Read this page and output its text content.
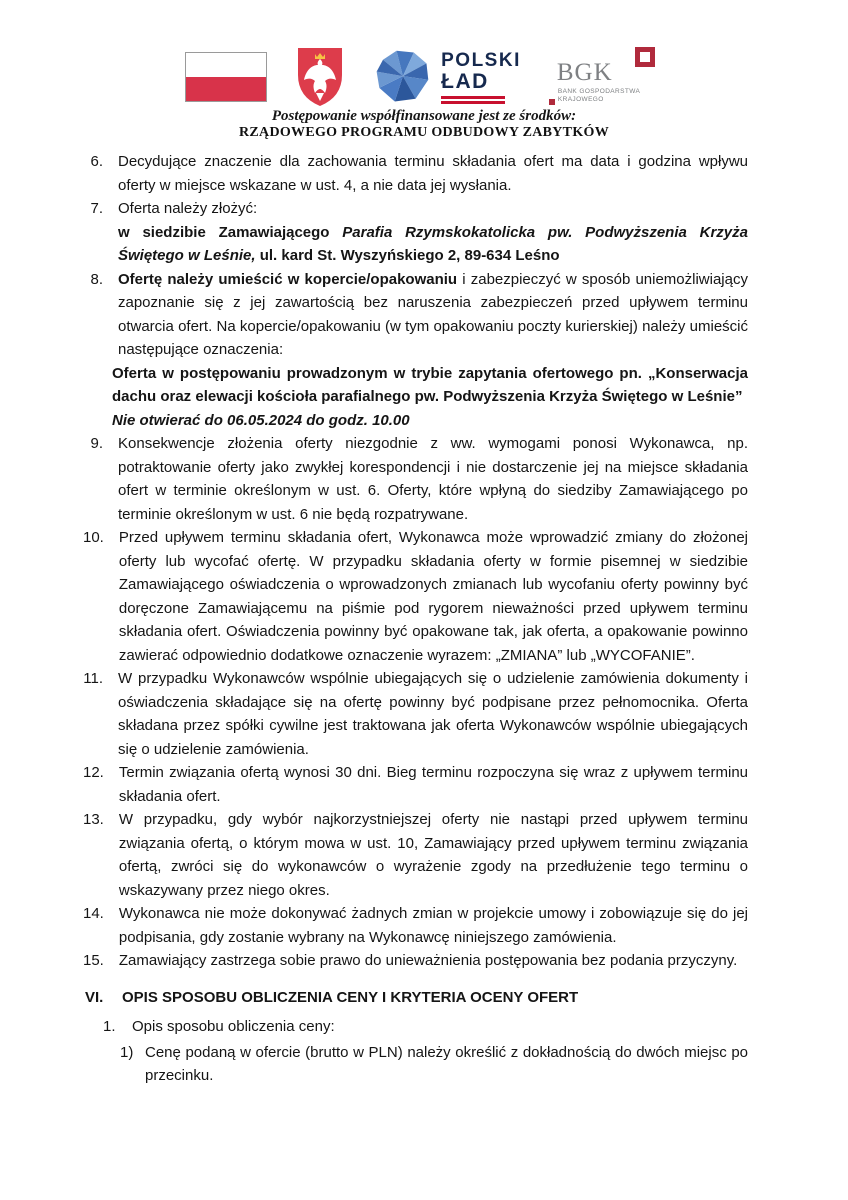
POLSKI
ŁAD	BGK
BANK GOSPODARSTWA
KRAJOWEGO
Postępowanie współfinansowane jest ze środków:
RZĄDOWEGO PROGRAMU ODBUDOWY ZABYTKÓW
6. Decydujące znaczenie dla zachowania terminu składania ofert ma data i godzina wpływu oferty w miejsce wskazane w ust. 4, a nie data jej wysłania.

7. Oferta należy złożyć:

w siedzibie Zamawiającego Parafia Rzymskokatolicka pw. Podwyższenia Krzyża Świętego w Leśnie, ul. kard St. Wyszyńskiego 2, 89-634 Leśno

8. Ofertę należy umieścić w kopercie/opakowaniu i zabezpieczyć w sposób uniemożliwiający zapoznanie się z jej zawartością bez naruszenia zabezpieczeń przed upływem terminu otwarcia ofert. Na kopercie/opakowaniu (w tym opakowaniu poczty kurierskiej) należy umieścić następujące oznaczenia:

Oferta w postępowaniu prowadzonym w trybie zapytania ofertowego pn. „Konserwacja dachu oraz elewacji kościoła parafialnego pw. Podwyższenia Krzyża Świętego w Leśnie”

Nie otwierać do 06.05.2024 do godz. 10.00

9. Konsekwencje złożenia oferty niezgodnie z ww. wymogami ponosi Wykonawca, np. potraktowanie oferty jako zwykłej korespondencji i nie dostarczenie jej na miejsce składania ofert w terminie określonym w ust. 6. Oferty, które wpłyną do siedziby Zamawiającego po terminie określonym w ust. 6 nie będą rozpatrywane.

10. Przed upływem terminu składania ofert, Wykonawca może wprowadzić zmiany do złożonej oferty lub wycofać ofertę. W przypadku składania oferty w formie pisemnej w siedzibie Zamawiającego oświadczenia o wprowadzonych zmianach lub wycofaniu oferty powinny być doręczone Zamawiającemu na piśmie pod rygorem nieważności przed upływem terminu składania ofert. Oświadczenia powinny być opakowane tak, jak oferta, a opakowanie powinno zawierać odpowiednio dodatkowe oznaczenie wyrazem: „ZMIANA” lub „WYCOFANIE”.

11. W przypadku Wykonawców wspólnie ubiegających się o udzielenie zamówienia dokumenty i oświadczenia składające się na ofertę powinny być podpisane przez pełnomocnika. Oferta składana przez spółki cywilne jest traktowana jak oferta Wykonawców wspólnie ubiegających się o udzielenie zamówienia.

12. Termin związania ofertą wynosi 30 dni. Bieg terminu rozpoczyna się wraz z upływem terminu składania ofert.

13. W przypadku, gdy wybór najkorzystniejszej oferty nie nastąpi przed upływem terminu związania ofertą, o którym mowa w ust. 10, Zamawiający przed upływem terminu związania ofertą, zwróci się do wykonawców o wyrażenie zgody na przedłużenie tego terminu o wskazywany przez niego okres.

14. Wykonawca nie może dokonywać żadnych zmian w projekcie umowy i zobowiązuje się do jej podpisania, gdy zostanie wybrany na Wykonawcę niniejszego zamówienia.

15. Zamawiający zastrzega sobie prawo do unieważnienia postępowania bez podania przyczyny.

VI.	OPIS SPOSOBU OBLICZENIA CENY I KRYTERIA OCENY OFERT
1.	Opis sposobu obliczenia ceny:
1) Cenę podaną w ofercie (brutto w PLN) należy określić z dokładnością do dwóch miejsc po przecinku.
